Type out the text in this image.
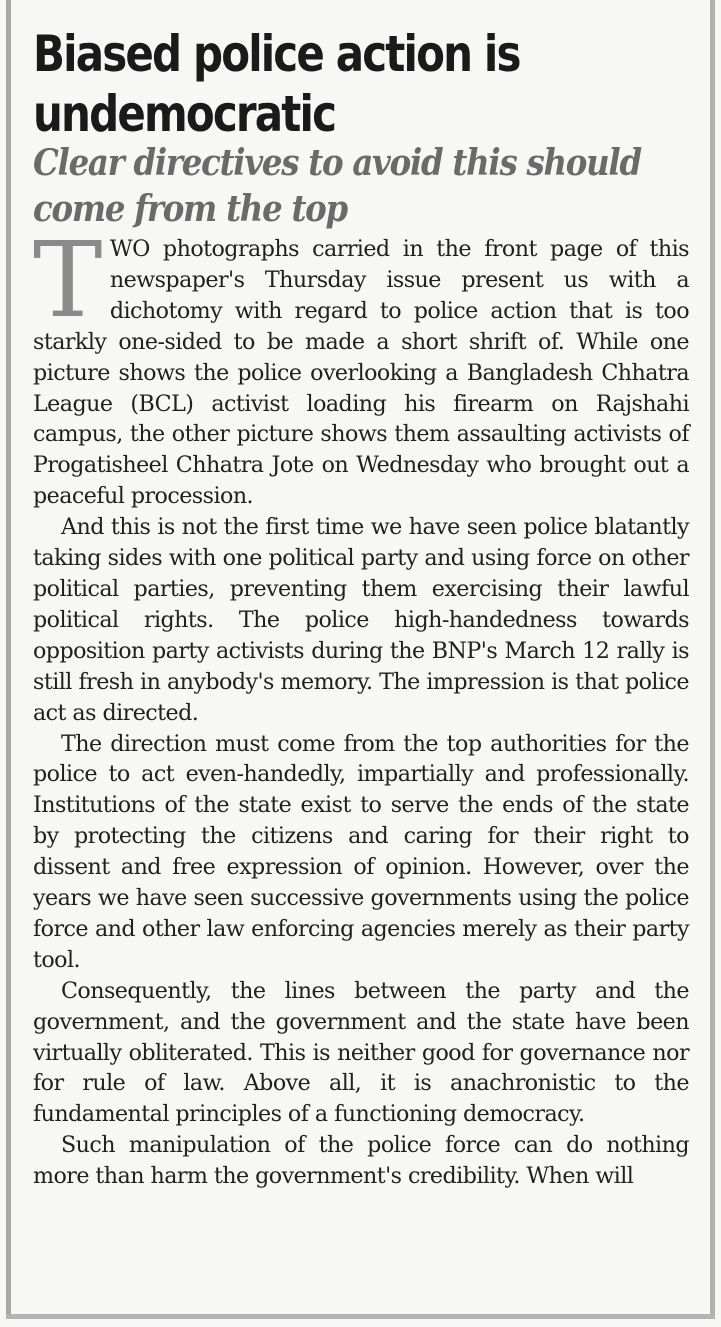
Biased police action is undemocratic
Clear directives to avoid this should come from the top

TWO photographs carried in the front page of this newspaper's Thursday issue present us with a dichotomy with regard to police action that is too starkly one-sided to be made a short shrift of. While one picture shows the police overlooking a Bangladesh Chhatra League (BCL) activist loading his firearm on Rajshahi campus, the other picture shows them assaulting activists of Progatisheel Chhatra Jote on Wednesday who brought out a peaceful procession.

And this is not the first time we have seen police blatantly taking sides with one political party and using force on other political parties, preventing them exercising their lawful political rights. The police high-handedness towards opposition party activists during the BNP's March 12 rally is still fresh in anybody's memory. The impression is that police act as directed.

The direction must come from the top authorities for the police to act even-handedly, impartially and professionally. Institutions of the state exist to serve the ends of the state by protecting the citizens and caring for their right to dissent and free expression of opinion. However, over the years we have seen successive governments using the police force and other law enforcing agencies merely as their party tool.

Consequently, the lines between the party and the government, and the government and the state have been virtually obliterated. This is neither good for governance nor for rule of law. Above all, it is anachronistic to the fundamental principles of a functioning democracy.

Such manipulation of the police force can do nothing more than harm the government's credibility. When will
